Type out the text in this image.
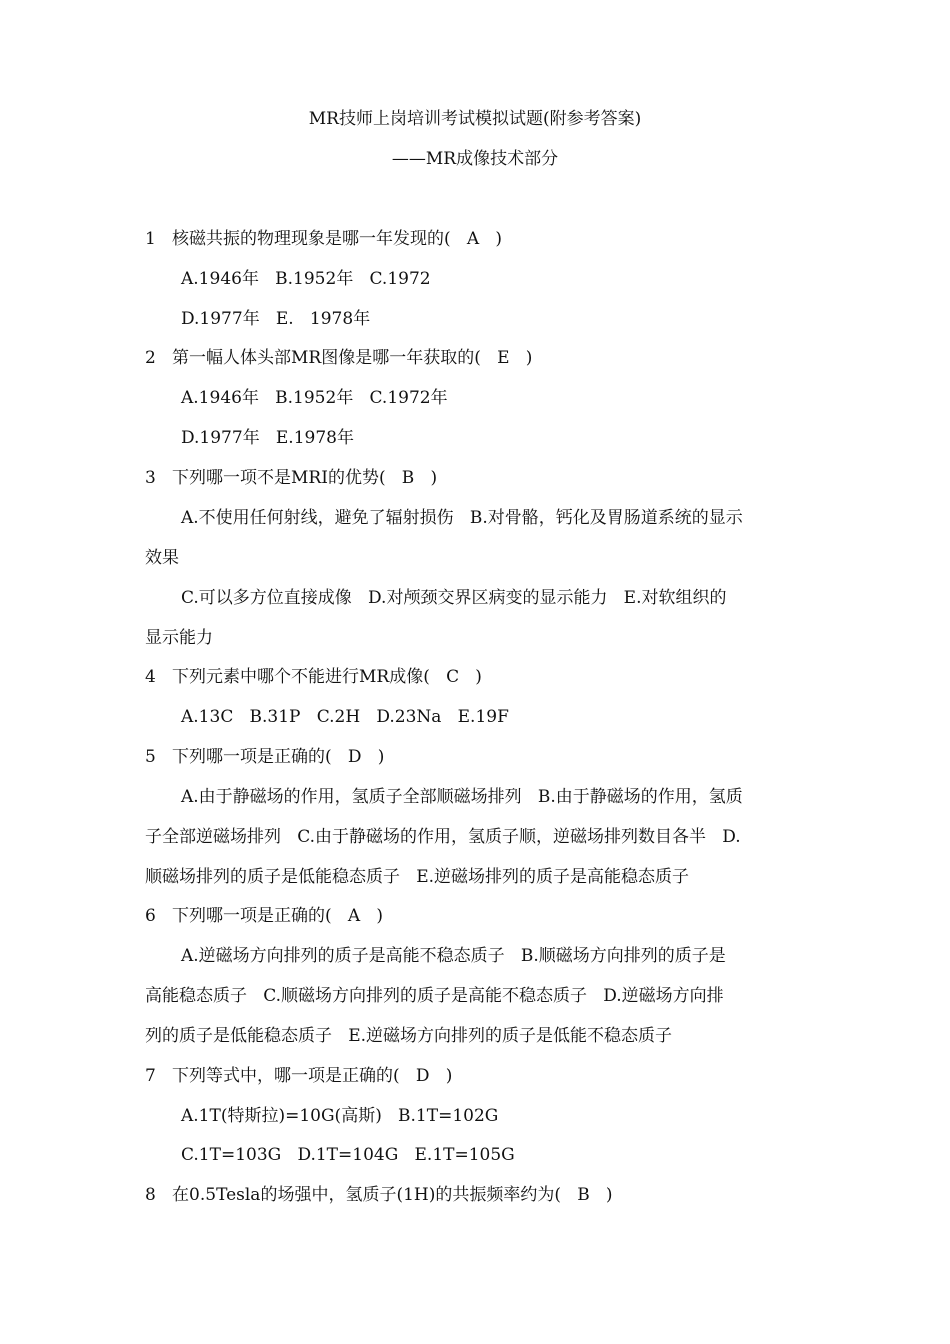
MR技师上岗培训考试模拟试题(附参考答案)
——MR成像技术部分
1   核磁共振的物理现象是哪一年发现的(   A   )
A.1946年   B.1952年   C.1972
D.1977年   E.   1978年
2   第一幅人体头部MR图像是哪一年获取的(   E   )
A.1946年   B.1952年   C.1972年
D.1977年   E.1978年
3   下列哪一项不是MRI的优势(   B   )
A.不使用任何射线，避免了辐射损伤   B.对骨骼，钙化及胃肠道系统的显示
效果
C.可以多方位直接成像   D.对颅颈交界区病变的显示能力   E.对软组织的
显示能力
4   下列元素中哪个不能进行MR成像(   C   )
A.13C   B.31P   C.2H   D.23Na   E.19F
5   下列哪一项是正确的(   D   )
A.由于静磁场的作用，氢质子全部顺磁场排列   B.由于静磁场的作用，氢质
子全部逆磁场排列   C.由于静磁场的作用，氢质子顺，逆磁场排列数目各半   D.
顺磁场排列的质子是低能稳态质子   E.逆磁场排列的质子是高能稳态质子
6   下列哪一项是正确的(   A   )
A.逆磁场方向排列的质子是高能不稳态质子   B.顺磁场方向排列的质子是
高能稳态质子   C.顺磁场方向排列的质子是高能不稳态质子   D.逆磁场方向排
列的质子是低能稳态质子   E.逆磁场方向排列的质子是低能不稳态质子
7   下列等式中，哪一项是正确的(   D   )
A.1T(特斯拉)=10G(高斯)   B.1T=102G
C.1T=103G   D.1T=104G   E.1T=105G
8   在0.5Tesla的场强中，氢质子(1H)的共振频率约为(   B   )
